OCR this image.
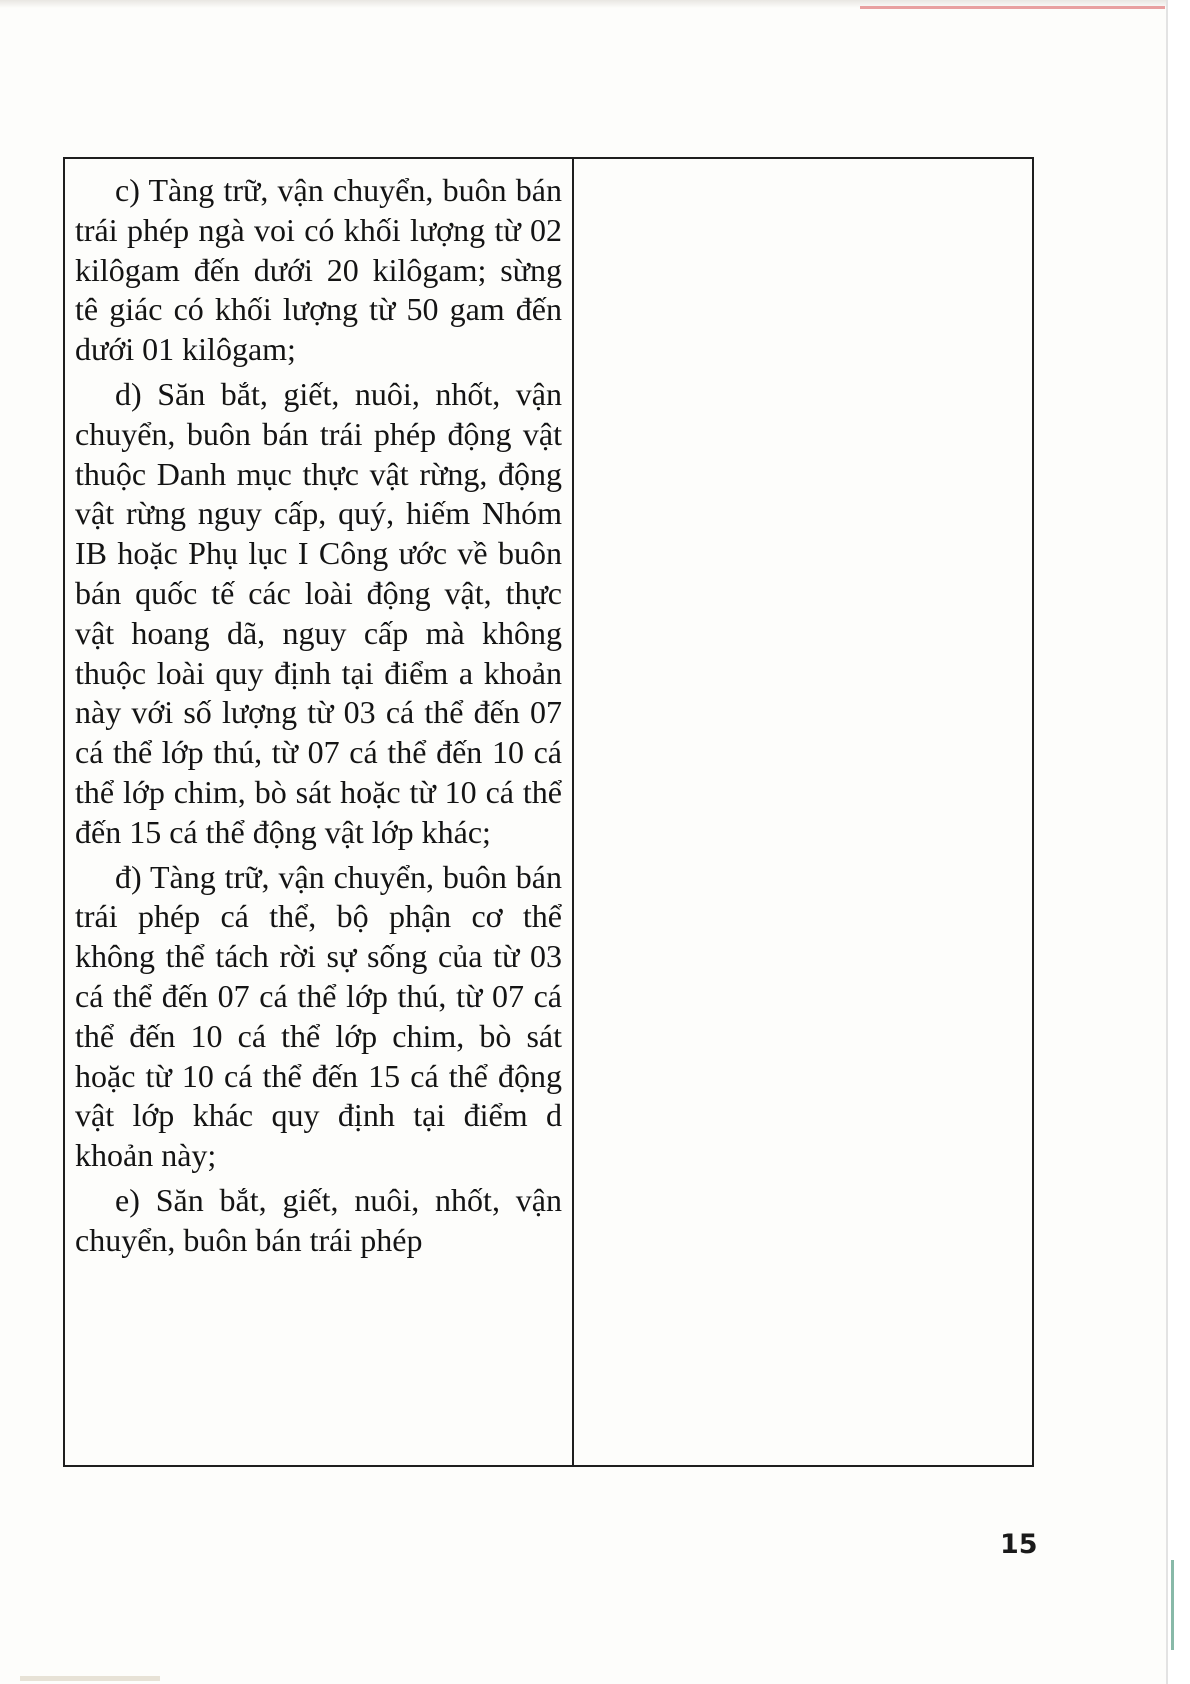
c) Tàng trữ, vận chuyển, buôn bán trái phép ngà voi có khối lượng từ 02 kilôgam đến dưới 20 kilôgam; sừng tê giác có khối lượng từ 50 gam đến dưới 01 kilôgam;

d) Săn bắt, giết, nuôi, nhốt, vận chuyển, buôn bán trái phép động vật thuộc Danh mục thực vật rừng, động vật rừng nguy cấp, quý, hiếm Nhóm IB hoặc Phụ lục I Công ước về buôn bán quốc tế các loài động vật, thực vật hoang dã, nguy cấp mà không thuộc loài quy định tại điểm a khoản này với số lượng từ 03 cá thể đến 07 cá thể lớp thú, từ 07 cá thể đến 10 cá thể lớp chim, bò sát hoặc từ 10 cá thể đến 15 cá thể động vật lớp khác;

đ) Tàng trữ, vận chuyển, buôn bán trái phép cá thể, bộ phận cơ thể không thể tách rời sự sống của từ 03 cá thể đến 07 cá thể lớp thú, từ 07 cá thể đến 10 cá thể lớp chim, bò sát hoặc từ 10 cá thể đến 15 cá thể động vật lớp khác quy định tại điểm d khoản này;

e) Săn bắt, giết, nuôi, nhốt, vận chuyển, buôn bán trái phép

15
